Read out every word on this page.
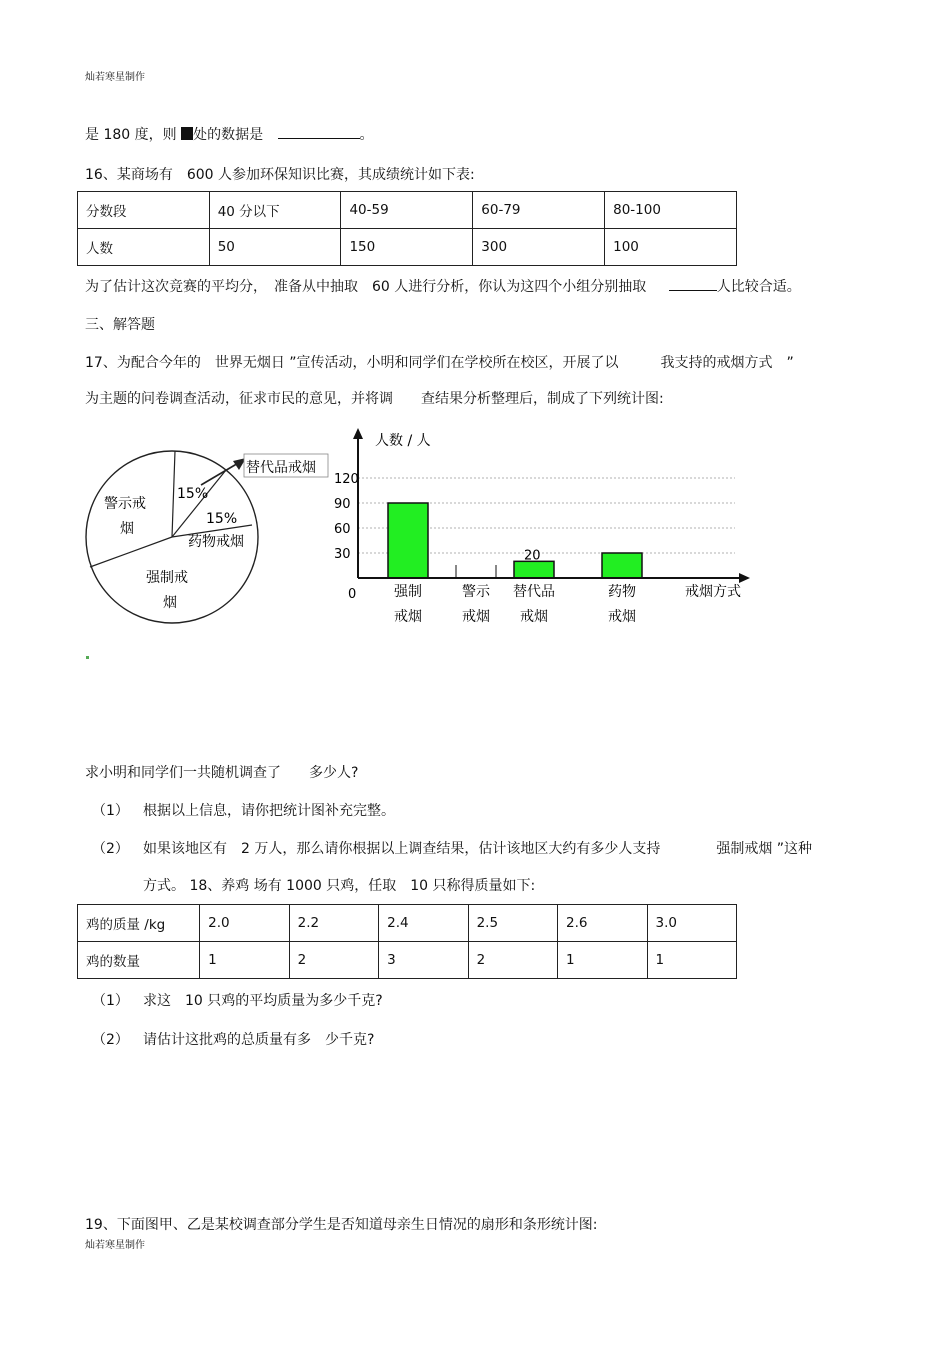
灿若寒星制作
是 180 度，则 处的数据是	。
16、某商场有　600 人参加环保知识比赛，其成绩统计如下表:
分数段	40 分以下	40-59	60-79	80-100
人数	50	150	300	100
为了估计这次竞赛的平均分，　准备从中抽取　60 人进行分析，你认为这四个小组分别抽取	人比较合适。
三、解答题
17、为配合今年的　世界无烟日 ”宣传活动，小明和同学们在学校所在校区，开展了以　　　我支持的戒烟方式　”
为主题的问卷调查活动，征求市民的意见，并将调　　查结果分析整理后，制成了下列统计图:
替代品戒烟
警示戒
烟
15%
15%
药物戒烟
强制戒
烟
20
人数 / 人
戒烟方式
0
30
60
90
120
强制
戒烟
警示
戒烟
替代品
戒烟
药物
戒烟
求小明和同学们一共随机调查了　　多少人?
（1） 根据以上信息，请你把统计图补充完整。
（2） 如果该地区有　2 万人，那么请你根据以上调查结果，估计该地区大约有多少人支持　　　　强制戒烟 ”这种
方式。 18、养鸡 场有 1000 只鸡，任取　10 只称得质量如下:
鸡的质量 /kg	2.0	2.2	2.4	2.5	2.6	3.0
鸡的数量	1	2	3	2	1	1
（1） 求这　10 只鸡的平均质量为多少千克?
（2） 请估计这批鸡的总质量有多　少千克?
19、下面图甲、乙是某校调查部分学生是否知道母亲生日情况的扇形和条形统计图:
灿若寒星制作
